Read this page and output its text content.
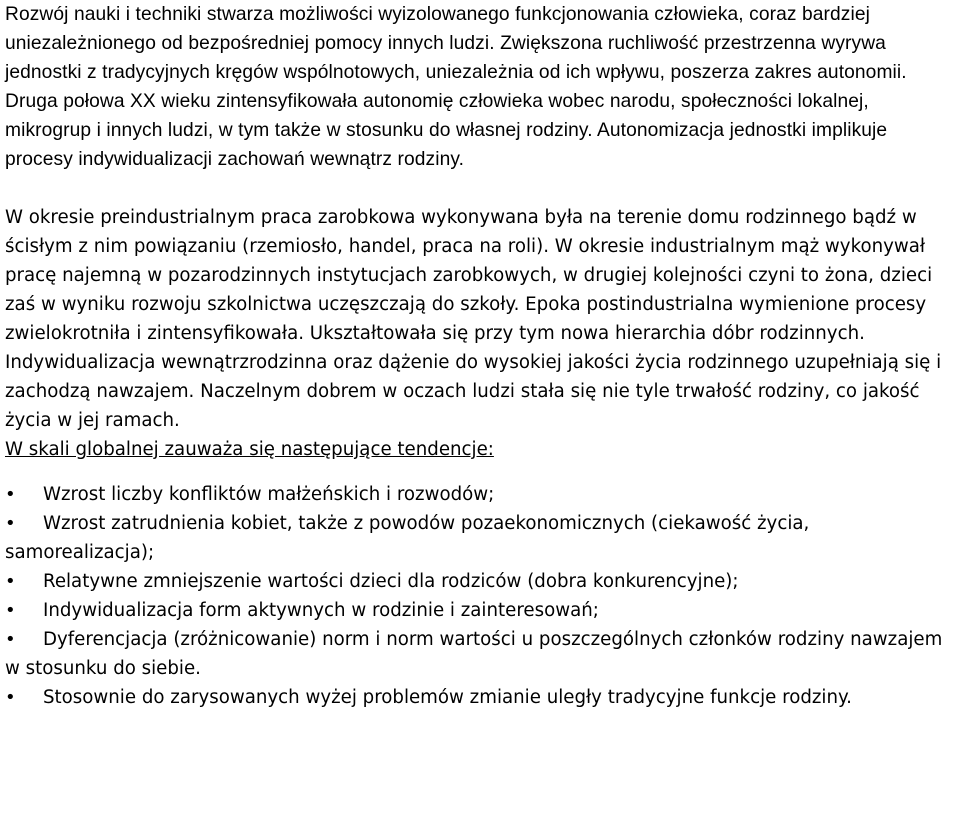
Rozwój nauki i techniki stwarza możliwości wyizolowanego funkcjonowania człowieka, coraz bardziej uniezależnionego od bezpośredniej pomocy innych ludzi. Zwiększona ruchliwość przestrzenna wyrywa jednostki z tradycyjnych kręgów wspólnotowych, uniezależnia od ich wpływu, poszerza zakres autonomii.

Druga połowa XX wieku zintensyfikowała autonomię człowieka wobec narodu, społeczności lokalnej, mikrogrup i innych ludzi, w tym także w stosunku do własnej rodziny. Autonomizacja jednostki implikuje procesy indywidualizacji zachowań wewnątrz rodziny.

W okresie preindustrialnym praca zarobkowa wykonywana była na terenie domu rodzinnego bądź w ścisłym z nim powiązaniu (rzemiosło, handel, praca na roli). W okresie industrialnym mąż wykonywał pracę najemną w pozarodzinnych instytucjach zarobkowych, w drugiej kolejności czyni to żona, dzieci zaś w wyniku rozwoju szkolnictwa uczęszczają do szkoły. Epoka postindustrialna wymienione procesy zwielokrotniła i zintensyfikowała. Ukształtowała się przy tym nowa hierarchia dóbr rodzinnych.

Indywidualizacja wewnątrzrodzinna oraz dążenie do wysokiej jakości życia rodzinnego uzupełniają się i zachodzą nawzajem. Naczelnym dobrem w oczach ludzi stała się nie tyle trwałość rodziny, co jakość życia w jej ramach.

W skali globalnej zauważa się następujące tendencje:

•	Wzrost liczby konfliktów małżeńskich i rozwodów;
•	Wzrost zatrudnienia kobiet, także z powodów pozaekonomicznych (ciekawość życia, samorealizacja);
•	Relatywne zmniejszenie wartości dzieci dla rodziców (dobra konkurencyjne);
•	Indywidualizacja form aktywnych w rodzinie i zainteresowań;
•	Dyferencjacja (zróżnicowanie) norm i norm wartości u poszczególnych członków rodziny nawzajem w stosunku do siebie.
•	Stosownie do zarysowanych wyżej problemów zmianie uległy tradycyjne funkcje rodziny.
